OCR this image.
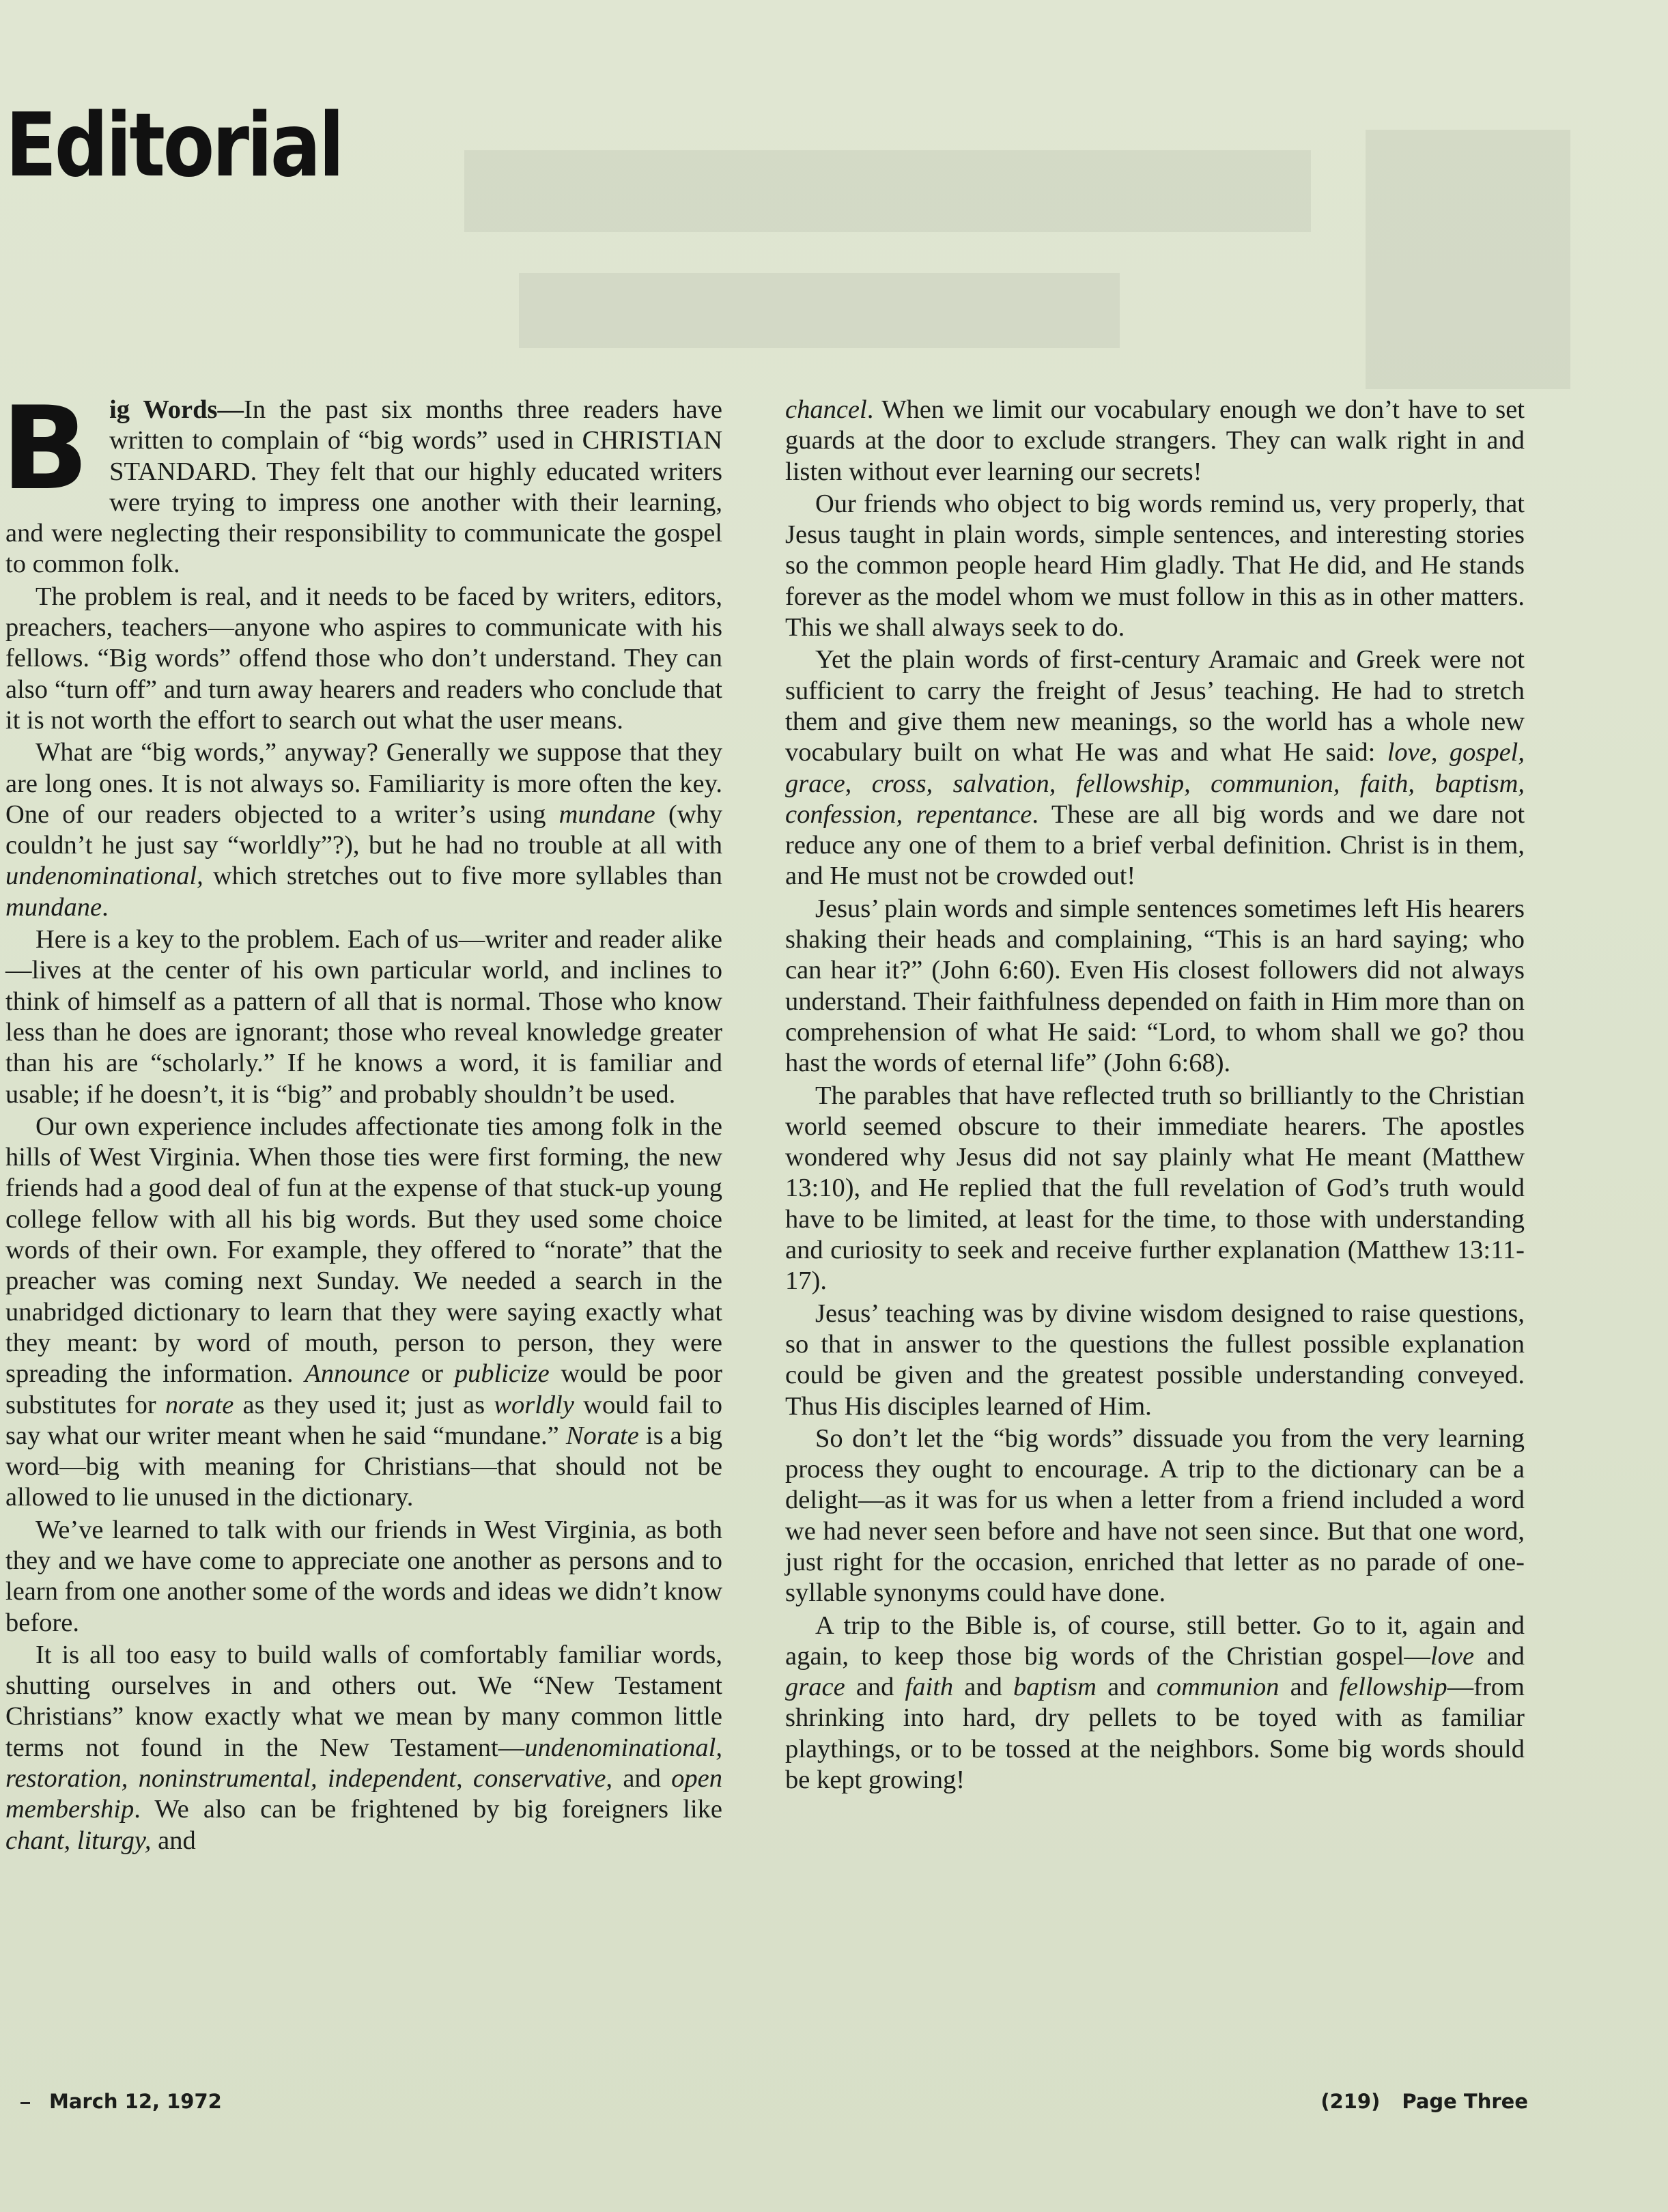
Editorial

Big Words—In the past six months three readers have written to complain of “big words” used in CHRISTIAN STANDARD. They felt that our highly educated writers were trying to impress one another with their learning, and were neglecting their responsibility to communicate the gospel to common folk.

The problem is real, and it needs to be faced by writers, editors, preachers, teachers—anyone who aspires to communicate with his fellows. “Big words” offend those who don’t understand. They can also “turn off” and turn away hearers and readers who conclude that it is not worth the effort to search out what the user means.

What are “big words,” anyway? Generally we suppose that they are long ones. It is not always so. Familiarity is more often the key. One of our readers objected to a writer’s using mundane (why couldn’t he just say “worldly”?), but he had no trouble at all with undenominational, which stretches out to five more syllables than mundane.

Here is a key to the problem. Each of us—writer and reader alike—lives at the center of his own particular world, and inclines to think of himself as a pattern of all that is normal. Those who know less than he does are ignorant; those who reveal knowledge greater than his are “scholarly.” If he knows a word, it is familiar and usable; if he doesn’t, it is “big” and probably shouldn’t be used.

Our own experience includes affectionate ties among folk in the hills of West Virginia. When those ties were first forming, the new friends had a good deal of fun at the expense of that stuck-up young college fellow with all his big words. But they used some choice words of their own. For example, they offered to “norate” that the preacher was coming next Sunday. We needed a search in the unabridged dictionary to learn that they were saying exactly what they meant: by word of mouth, person to person, they were spreading the information. Announce or publicize would be poor substitutes for norate as they used it; just as worldly would fail to say what our writer meant when he said “mundane.” Norate is a big word—big with meaning for Christians—that should not be allowed to lie unused in the dictionary.

We’ve learned to talk with our friends in West Virginia, as both they and we have come to appreciate one another as persons and to learn from one another some of the words and ideas we didn’t know before.

It is all too easy to build walls of comfortably familiar words, shutting ourselves in and others out. We “New Testament Christians” know exactly what we mean by many common little terms not found in the New Testament—undenominational, restoration, noninstrumental, independent, conservative, and open membership. We also can be frightened by big foreigners like chant, liturgy, and

chancel. When we limit our vocabulary enough we don’t have to set guards at the door to exclude strangers. They can walk right in and listen without ever learning our secrets!

Our friends who object to big words remind us, very properly, that Jesus taught in plain words, simple sentences, and interesting stories so the common people heard Him gladly. That He did, and He stands forever as the model whom we must follow in this as in other matters. This we shall always seek to do.

Yet the plain words of first-century Aramaic and Greek were not sufficient to carry the freight of Jesus’ teaching. He had to stretch them and give them new meanings, so the world has a whole new vocabulary built on what He was and what He said: love, gospel, grace, cross, salvation, fellowship, communion, faith, baptism, confession, repentance. These are all big words and we dare not reduce any one of them to a brief verbal definition. Christ is in them, and He must not be crowded out!

Jesus’ plain words and simple sentences sometimes left His hearers shaking their heads and complaining, “This is an hard saying; who can hear it?” (John 6:60). Even His closest followers did not always understand. Their faithfulness depended on faith in Him more than on comprehension of what He said: “Lord, to whom shall we go? thou hast the words of eternal life” (John 6:68).

The parables that have reflected truth so brilliantly to the Christian world seemed obscure to their immediate hearers. The apostles wondered why Jesus did not say plainly what He meant (Matthew 13:10), and He replied that the full revelation of God’s truth would have to be limited, at least for the time, to those with understanding and curiosity to seek and receive further explanation (Matthew 13:11-17).

Jesus’ teaching was by divine wisdom designed to raise questions, so that in answer to the questions the fullest possible explanation could be given and the greatest possible understanding conveyed. Thus His disciples learned of Him.

So don’t let the “big words” dissuade you from the very learning process they ought to encourage. A trip to the dictionary can be a delight—as it was for us when a letter from a friend included a word we had never seen before and have not seen since. But that one word, just right for the occasion, enriched that letter as no parade of one-syllable synonyms could have done.

A trip to the Bible is, of course, still better. Go to it, again and again, to keep those big words of the Christian gospel—love and grace and faith and baptism and communion and fellowship—from shrinking into hard, dry pellets to be toyed with as familiar playthings, or to be tossed at the neighbors. Some big words should be kept growing!

March 12, 1972	(219) Page Three
